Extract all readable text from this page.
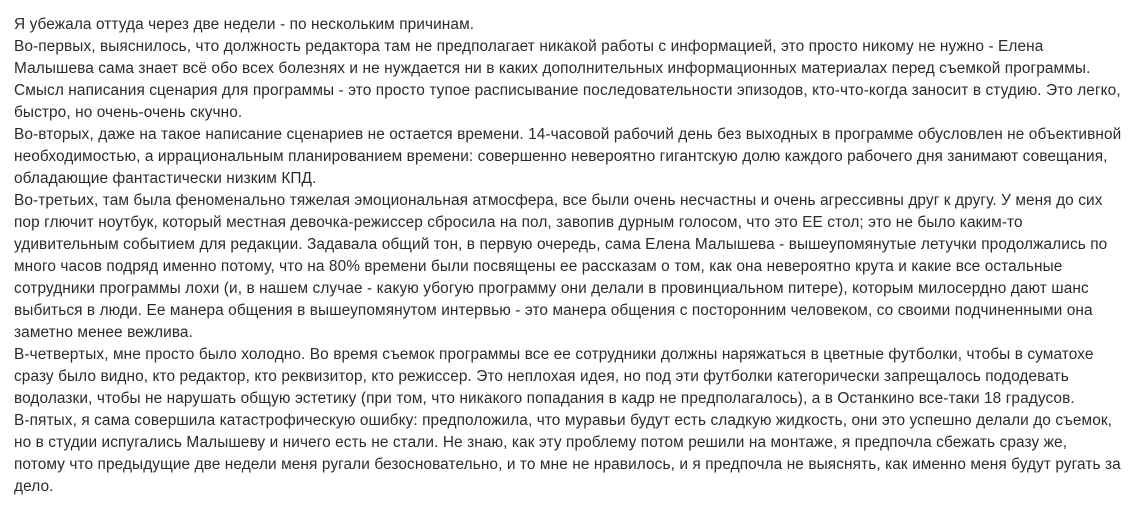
Я убежала оттуда через две недели - по нескольким причинам.

Во-первых, выяснилось, что должность редактора там не предполагает никакой работы с информацией, это просто никому не нужно - Елена Малышева сама знает всё обо всех болезнях и не нуждается ни в каких дополнительных информационных материалах перед съемкой программы. Смысл написания сценария для программы - это просто тупое расписывание последовательности эпизодов, кто-что-когда заносит в студию. Это легко, быстро, но очень-очень скучно.

Во-вторых, даже на такое написание сценариев не остается времени. 14-часовой рабочий день без выходных в программе обусловлен не объективной необходимостью, а иррациональным планированием времени: совершенно невероятно гигантскую долю каждого рабочего дня занимают совещания, обладающие фантастически низким КПД.

Во-третьих, там была феноменально тяжелая эмоциональная атмосфера, все были очень несчастны и очень агрессивны друг к другу. У меня до сих пор глючит ноутбук, который местная девочка-режиссер сбросила на пол, завопив дурным голосом, что это ЕЕ стол; это не было каким-то удивительным событием для редакции. Задавала общий тон, в первую очередь, сама Елена Малышева - вышеупомянутые летучки продолжались по много часов подряд именно потому, что на 80% времени были посвящены ее рассказам о том, как она невероятно крута и какие все остальные сотрудники программы лохи (и, в нашем случае - какую убогую программу они делали в провинциальном питере), которым милосердно дают шанс выбиться в люди. Ее манера общения в вышеупомянутом интервью - это манера общения с посторонним человеком, со своими подчиненными она заметно менее вежлива.

В-четвертых, мне просто было холодно. Во время съемок программы все ее сотрудники должны наряжаться в цветные футболки, чтобы в суматохе сразу было видно, кто редактор, кто реквизитор, кто режиссер. Это неплохая идея, но под эти футболки категорически запрещалось пододевать водолазки, чтобы не нарушать общую эстетику (при том, что никакого попадания в кадр не предполагалось), а в Останкино все-таки 18 градусов.

В-пятых, я сама совершила катастрофическую ошибку: предположила, что муравьи будут есть сладкую жидкость, они это успешно делали до съемок, но в студии испугались Малышеву и ничего есть не стали. Не знаю, как эту проблему потом решили на монтаже, я предпочла сбежать сразу же, потому что предыдущие две недели меня ругали безосновательно, и то мне не нравилось, и я предпочла не выяснять, как именно меня будут ругать за дело.
